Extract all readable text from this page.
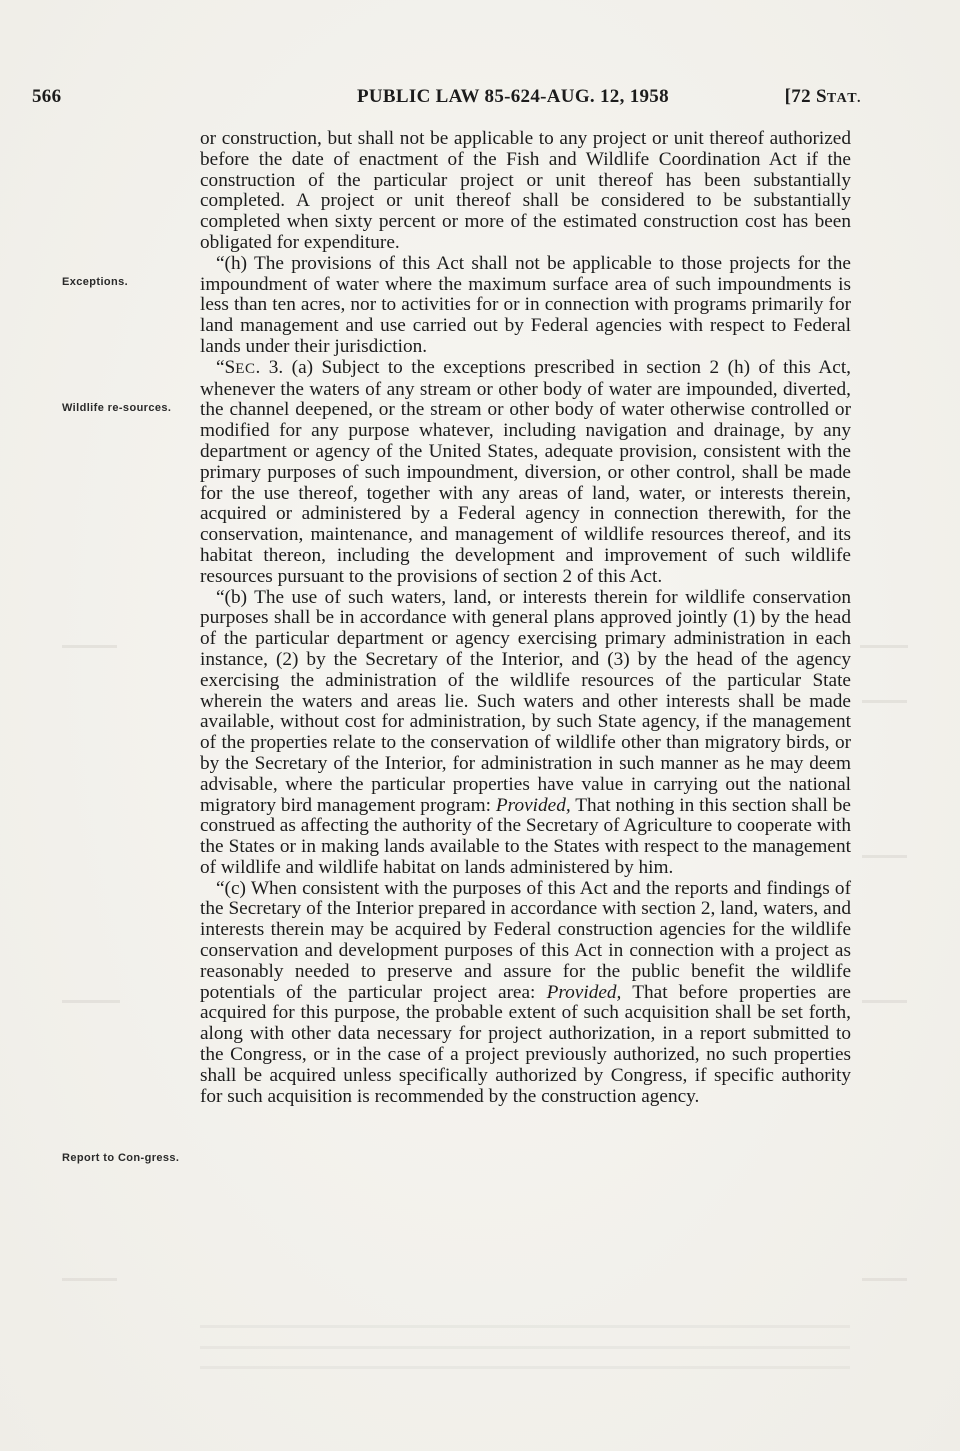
566	PUBLIC LAW 85-624-AUG. 12, 1958	[72 STAT.
Exceptions.
Wildlife re-sources.
Report to Con-gress.

or construction, but shall not be applicable to any project or unit thereof authorized before the date of enactment of the Fish and Wildlife Coordination Act if the construction of the particular project or unit thereof has been substantially completed. A project or unit thereof shall be considered to be substantially completed when sixty percent or more of the estimated construction cost has been obligated for expenditure.

“(h) The provisions of this Act shall not be applicable to those projects for the impoundment of water where the maximum surface area of such impoundments is less than ten acres, nor to activities for or in connection with programs primarily for land management and use carried out by Federal agencies with respect to Federal lands under their jurisdiction.

“SEC. 3. (a) Subject to the exceptions prescribed in section 2 (h) of this Act, whenever the waters of any stream or other body of water are impounded, diverted, the channel deepened, or the stream or other body of water otherwise controlled or modified for any purpose whatever, including navigation and drainage, by any department or agency of the United States, adequate provision, consistent with the primary purposes of such impoundment, diversion, or other control, shall be made for the use thereof, together with any areas of land, water, or interests therein, acquired or administered by a Federal agency in connection therewith, for the conservation, maintenance, and management of wildlife resources thereof, and its habitat thereon, including the development and improvement of such wildlife resources pursuant to the provisions of section 2 of this Act.

“(b) The use of such waters, land, or interests therein for wildlife conservation purposes shall be in accordance with general plans approved jointly (1) by the head of the particular department or agency exercising primary administration in each instance, (2) by the Secretary of the Interior, and (3) by the head of the agency exercising the administration of the wildlife resources of the particular State wherein the waters and areas lie. Such waters and other interests shall be made available, without cost for administration, by such State agency, if the management of the properties relate to the conservation of wildlife other than migratory birds, or by the Secretary of the Interior, for administration in such manner as he may deem advisable, where the particular properties have value in carrying out the national migratory bird management program: Provided, That nothing in this section shall be construed as affecting the authority of the Secretary of Agriculture to cooperate with the States or in making lands available to the States with respect to the management of wildlife and wildlife habitat on lands administered by him.

“(c) When consistent with the purposes of this Act and the reports and findings of the Secretary of the Interior prepared in accordance with section 2, land, waters, and interests therein may be acquired by Federal construction agencies for the wildlife conservation and development purposes of this Act in connection with a project as reasonably needed to preserve and assure for the public benefit the wildlife potentials of the particular project area: Provided, That before properties are acquired for this purpose, the probable extent of such acquisition shall be set forth, along with other data necessary for project authorization, in a report submitted to the Congress, or in the case of a project previously authorized, no such properties shall be acquired unless specifically authorized by Congress, if specific authority for such acquisition is recommended by the construction agency.
